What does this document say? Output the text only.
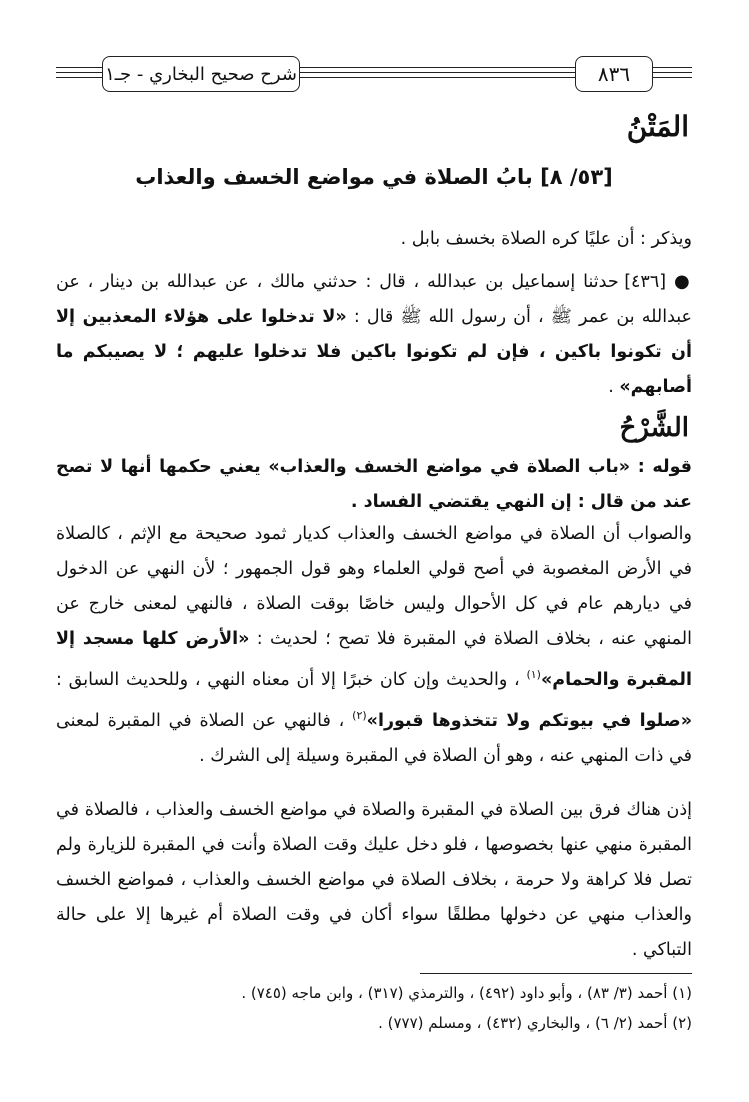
شرح صحيح البخاري - جـ١	٨٣٦
المَتْنُ
[٥٣/ ٨] بابُ الصلاة في مواضع الخسف والعذاب

ويذكر : أن عليًا كره الصلاة بخسف بابل .

● [٤٣٦] حدثنا إسماعيل بن عبدالله ، قال : حدثني مالك ، عن عبدالله بن دينار ، عن عبدالله بن عمر ﷺ ، أن رسول الله ﷺ قال : «لا تدخلوا على هؤلاء المعذبين إلا أن تكونوا باكين ، فإن لم تكونوا باكين فلا تدخلوا عليهم ؛ لا يصيبكم ما أصابهم» .

الشَّرْحُ

قوله : «باب الصلاة في مواضع الخسف والعذاب» يعني حكمها أنها لا تصح عند من قال : إن النهي يقتضي الفساد .

والصواب أن الصلاة في مواضع الخسف والعذاب كديار ثمود صحيحة مع الإثم ، كالصلاة في الأرض المغصوبة في أصح قولي العلماء وهو قول الجمهور ؛ لأن النهي عن الدخول في ديارهم عام في كل الأحوال وليس خاصًا بوقت الصلاة ، فالنهي لمعنى خارج عن المنهي عنه ، بخلاف الصلاة في المقبرة فلا تصح ؛ لحديث : «الأرض كلها مسجد إلا المقبرة والحمام»$^{(١)}$ ، والحديث وإن كان خبرًا إلا أن معناه النهي ، وللحديث السابق : «صلوا في بيوتكم ولا تتخذوها قبورا»$^{(٢)}$ ، فالنهي عن الصلاة في المقبرة لمعنى في ذات المنهي عنه ، وهو أن الصلاة في المقبرة وسيلة إلى الشرك .

إذن هناك فرق بين الصلاة في المقبرة والصلاة في مواضع الخسف والعذاب ، فالصلاة في المقبرة منهي عنها بخصوصها ، فلو دخل عليك وقت الصلاة وأنت في المقبرة للزيارة ولم تصل فلا كراهة ولا حرمة ، بخلاف الصلاة في مواضع الخسف والعذاب ، فمواضع الخسف والعذاب منهي عن دخولها مطلقًا سواء أكان في وقت الصلاة أم غيرها إلا على حالة التباكي .

(١) أحمد (٣/ ٨٣) ، وأبو داود (٤٩٢) ، والترمذي (٣١٧) ، وابن ماجه (٧٤٥) .
(٢) أحمد (٢/ ٦) ، والبخاري (٤٣٢) ، ومسلم (٧٧٧) .
